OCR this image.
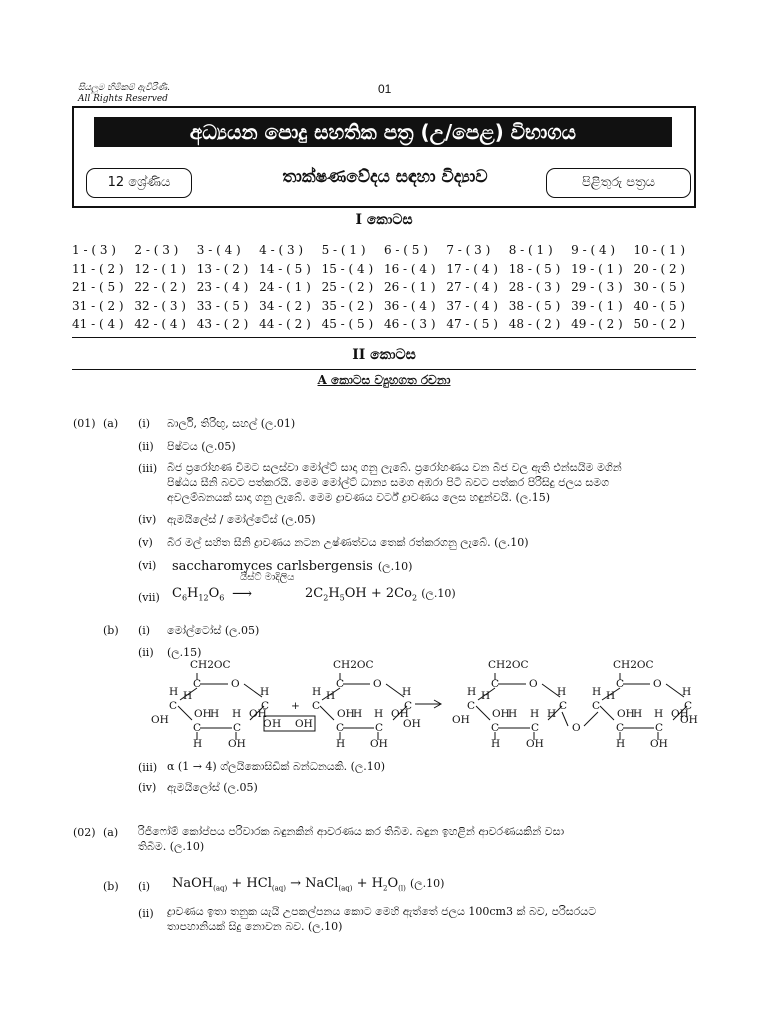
සියලුම හිමිකම් ඇවිරිණි.
All Rights Reserved
01
අධ්‍යයන පොදු සහතික පත්‍ර (උ/පෙළ) විභාගය
12 ශ්‍රේණිය	තාක්ෂණවේදය සඳහා විද්‍යාව	පිළිතුරු පත්‍රය
I කොටස
1 - ( 3 )	2 - ( 3 )	3 - ( 4 )	4 - ( 3 )	5 - ( 1 )	6 - ( 5 )	7 - ( 3 )	8 - ( 1 )	9 - ( 4 )	10 - ( 1 )
11 - ( 2 ) 12 - ( 1 ) 13 - ( 2 ) 14 - ( 5 ) 15 - ( 4 ) 16 - ( 4 ) 17 - ( 4 ) 18 - ( 5 ) 19 - ( 1 ) 20 - ( 2 )
21 - ( 5 ) 22 - ( 2 ) 23 - ( 4 ) 24 - ( 1 ) 25 - ( 2 ) 26 - ( 1 ) 27 - ( 4 ) 28 - ( 3 ) 29 - ( 3 ) 30 - ( 5 )
31 - ( 2 ) 32 - ( 3 ) 33 - ( 5 ) 34 - ( 2 ) 35 - ( 2 ) 36 - ( 4 ) 37 - ( 4 ) 38 - ( 5 ) 39 - ( 1 ) 40 - ( 5 )
41 - ( 4 ) 42 - ( 4 ) 43 - ( 2 ) 44 - ( 2 ) 45 - ( 5 ) 46 - ( 3 ) 47 - ( 5 ) 48 - ( 2 ) 49 - ( 2 ) 50 - ( 2 )
II කොටස
A කොටස ව්‍යුහගත රචනා
(01) (a) (i) බාර්ලි, තිරිඟු, සහල් (ල.01)
(ii) පිෂ්ටය (ල.05)
(iii) බීජ ප්‍රරෝහණ වීමට සලස්වා මෝල්ට් සාදා ගනු ලැබේ. ප්‍රරෝහණය වන බීජ වල ඇති එන්සයිම මගින්
පිෂ්ඨය සීනි බවට පත්කරයි. මෙම මෝල්ට් ධාන්‍ය සමග අඹරා පිටි බවට පත්කර පිරිසිදු ජලය සමග
අවලම්බනයක් සාදා ගනු ලැබේ. මෙම ද්‍රාවණය වර්ට් ද්‍රාවණය ලෙස හඳුන්වයි. (ල.15)
(iv) ඇමයිලේස් / මෝල්ටේස් (ල.05)
(v) බීර මල් සහිත සීනි ද්‍රාවණය නටන උෂ්ණත්වය තෙක් රත්කරගනු ලැබේ. (ල.10)
(vi) saccharomyces carlsbergensis (ල.10)
(vii) $C_6H_{12}O_6$
යීස්ට් මාදිලිය
⟶	$2C_2H_5OH + 2Co_2$ (ල.10)
(b) (i) මෝල්ටෝස් (ල.05)
(ii) (ල.15)
CH2OC
C	O
H
C
H	H
C
OH OH H
C	C
H	OH
H OH
O H OH
+
CH2OC
C	O
H
C
H	H
C
OH H
H	OH
C	C OH
H OH
CH2OC
C	O
H
C
H	H
C
OH OH
H H H
C	C
H OH
O
CH2OC
C	O
H
C
H	H
C
OH
H H OH
C	C
OH
H OH
(iii) α (1 → 4) ග්ලයිකොසිඩික් බන්ධනයකි. (ල.10)
(iv) ඇමයිලෝස් (ල.05)
(02) (a) රිජිෆෝම් කෝප්පය පරිවාරක බඳුනකින් ආවරණය කර තිබීම. බඳුන ඉහළින් ආවරණයකින් වසා
තිබීම. (ල.10)
(b) (i) NaOH$_{(aq)}$ + HCl$_{(aq)}$ → NaCl$_{(aq)}$ + $H_2O_{(l)}$ (ල.10)
(ii) ද්‍රාවණය ඉතා තනුක යැයි උපකල්පනය කොට මෙහි ඇත්තේ ජලය 100cm3 ක් බව, පරිසරයට
තාපහානියක් සිදු නොවන බව. (ල.10)
